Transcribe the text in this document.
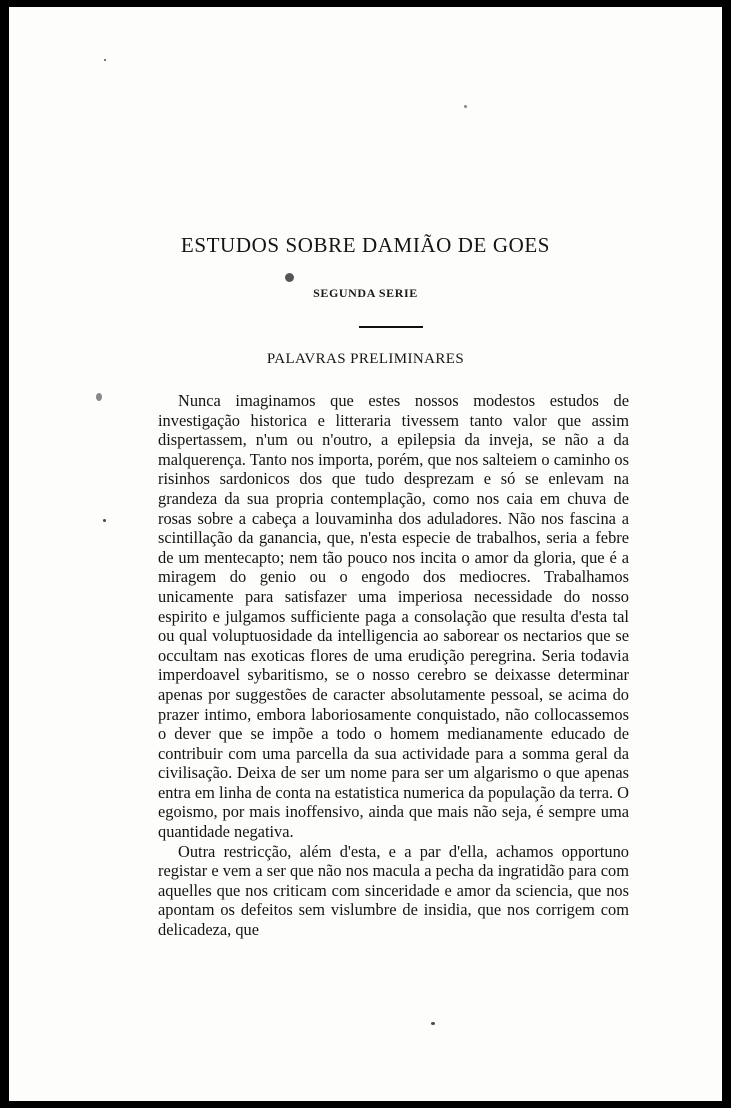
ESTUDOS SOBRE DAMIÃO DE GOES
SEGUNDA SERIE
PALAVRAS PRELIMINARES

Nunca imaginamos que estes nossos modestos estudos de investigação historica e litteraria tivessem tanto valor que assim dispertassem, n'um ou n'outro, a epilepsia da inveja, se não a da malquerença. Tanto nos importa, porém, que nos salteiem o caminho os risinhos sardonicos dos que tudo desprezam e só se enlevam na grandeza da sua propria contemplação, como nos caia em chuva de rosas sobre a cabeça a louvaminha dos aduladores. Não nos fascina a scintillação da ganancia, que, n'esta especie de trabalhos, seria a febre de um mentecapto; nem tão pouco nos incita o amor da gloria, que é a miragem do genio ou o engodo dos mediocres. Trabalhamos unicamente para satisfazer uma imperiosa necessidade do nosso espirito e julgamos sufficiente paga a consolação que resulta d'esta tal ou qual voluptuosidade da intelligencia ao saborear os nectarios que se occultam nas exoticas flores de uma erudição peregrina. Seria todavia imperdoavel sybaritismo, se o nosso cerebro se deixasse determinar apenas por suggestões de caracter absolutamente pessoal, se acima do prazer intimo, embora laboriosamente conquistado, não collocassemos o dever que se impõe a todo o homem medianamente educado de contribuir com uma parcella da sua actividade para a somma geral da civilisação. Deixa de ser um nome para ser um algarismo o que apenas entra em linha de conta na estatistica numerica da população da terra. O egoismo, por mais inoffensivo, ainda que mais não seja, é sempre uma quantidade negativa.

Outra restricção, além d'esta, e a par d'ella, achamos opportuno registar e vem a ser que não nos macula a pecha da ingratidão para com aquelles que nos criticam com sinceridade e amor da sciencia, que nos apontam os defeitos sem vislumbre de insidia, que nos corrigem com delicadeza, que
